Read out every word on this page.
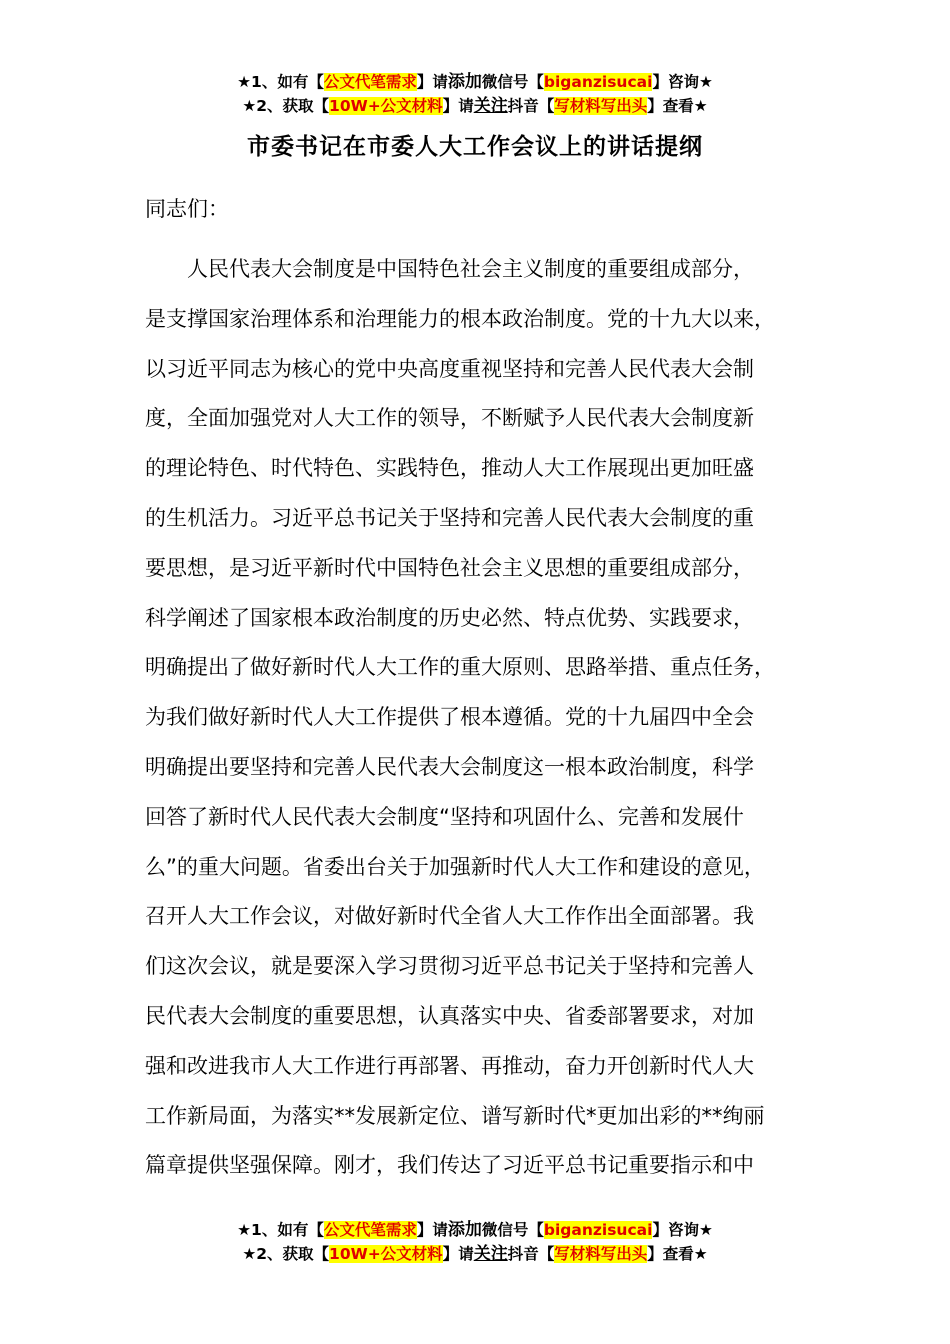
★1、如有【公文代笔需求】请添加微信号【biganzisucai】咨询★
★2、获取【10W+公文材料】请关注抖音【写材料写出头】查看★
市委书记在市委人大工作会议上的讲话提纲

同志们：

　　人民代表大会制度是中国特色社会主义制度的重要组成部分，
是支撑国家治理体系和治理能力的根本政治制度。党的十九大以来，
以习近平同志为核心的党中央高度重视坚持和完善人民代表大会制
度，全面加强党对人大工作的领导，不断赋予人民代表大会制度新
的理论特色、时代特色、实践特色，推动人大工作展现出更加旺盛
的生机活力。习近平总书记关于坚持和完善人民代表大会制度的重
要思想，是习近平新时代中国特色社会主义思想的重要组成部分，
科学阐述了国家根本政治制度的历史必然、特点优势、实践要求，
明确提出了做好新时代人大工作的重大原则、思路举措、重点任务，
为我们做好新时代人大工作提供了根本遵循。党的十九届四中全会
明确提出要坚持和完善人民代表大会制度这一根本政治制度，科学
回答了新时代人民代表大会制度“坚持和巩固什么、完善和发展什
么”的重大问题。省委出台关于加强新时代人大工作和建设的意见，
召开人大工作会议，对做好新时代全省人大工作作出全面部署。我
们这次会议，就是要深入学习贯彻习近平总书记关于坚持和完善人
民代表大会制度的重要思想，认真落实中央、省委部署要求，对加
强和改进我市人大工作进行再部署、再推动，奋力开创新时代人大
工作新局面，为落实**发展新定位、谱写新时代*更加出彩的**绚丽
篇章提供坚强保障。刚才，我们传达了习近平总书记重要指示和中
★1、如有【公文代笔需求】请添加微信号【biganzisucai】咨询★
★2、获取【10W+公文材料】请关注抖音【写材料写出头】查看★
